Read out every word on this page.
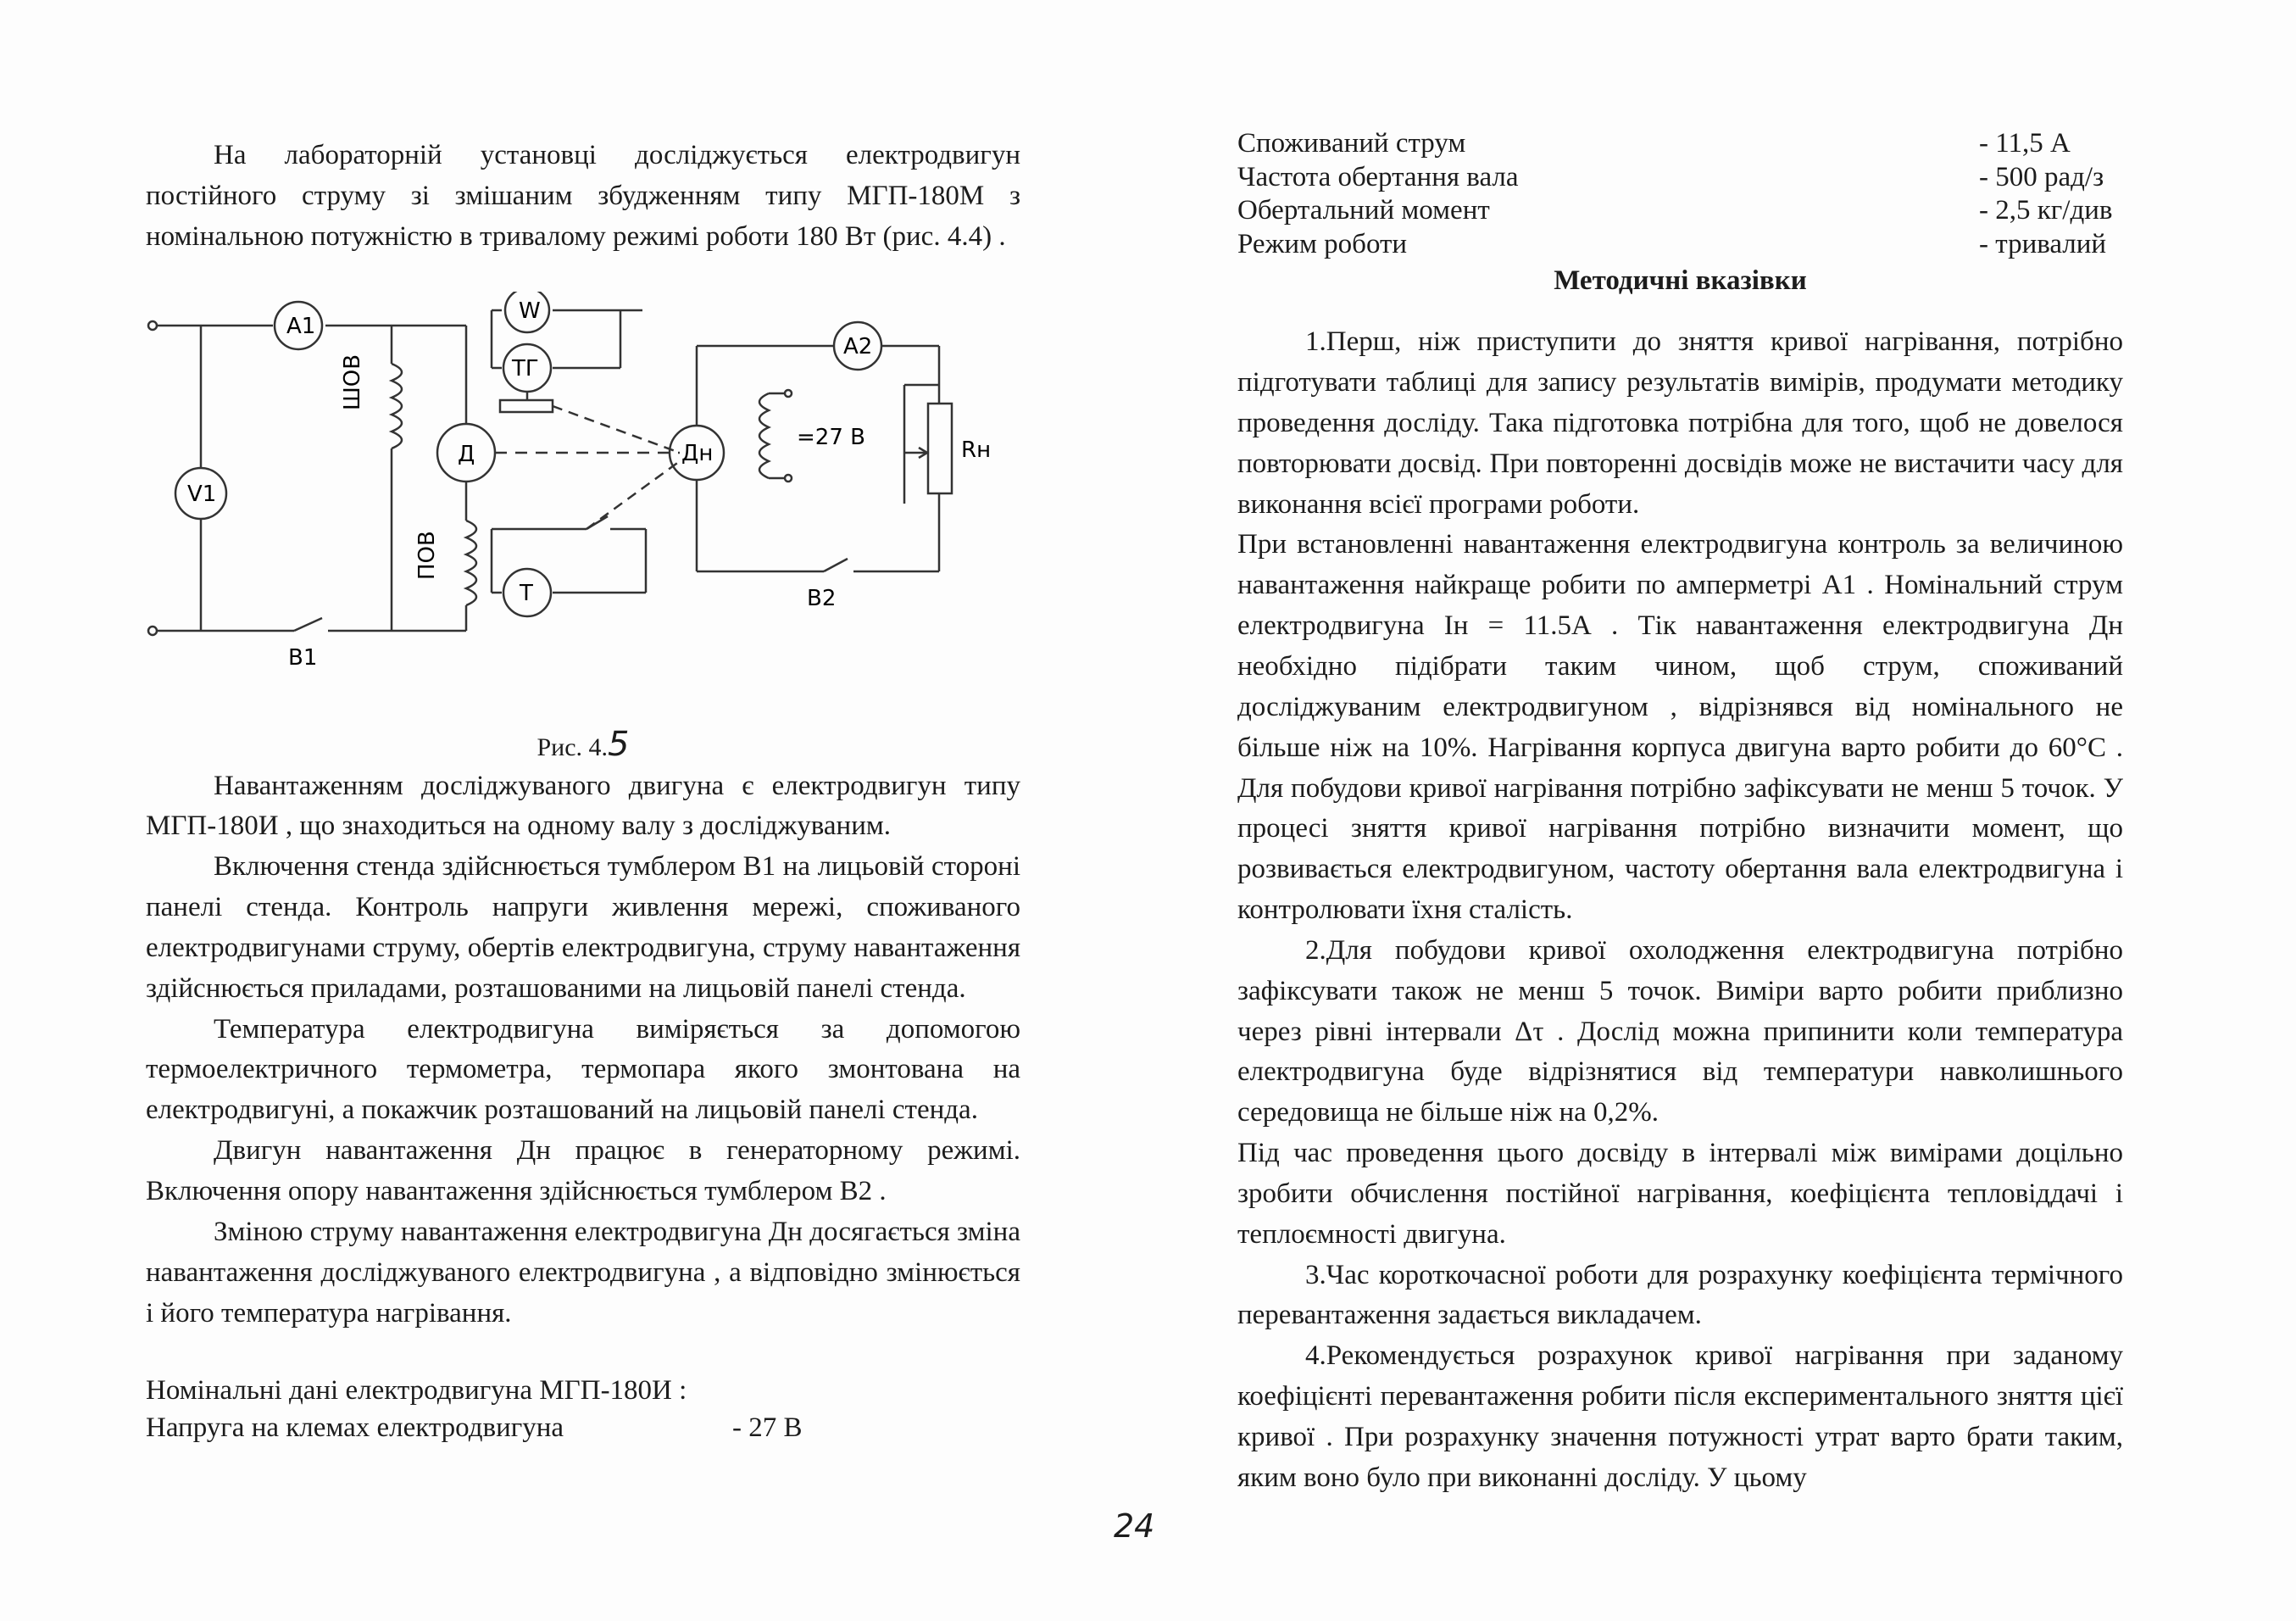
На лабораторній установці досліджується електродвигун постійного струму зі змішаним збудженням типу МГП-180М з номінальною потужністю в тривалому режимі роботи 180 Вт (рис. 4.4) .

A1
V1
ШОВ
ПОВ
Д
W
ТГ
Т
Дн
A2
=27 В	Rн
В1
В2

Рис. 4.5

Навантаженням досліджуваного двигуна є електродвигун типу МГП-180И , що знаходиться на одному валу з досліджуваним.

Включення стенда здійснюється тумблером В1 на лицьовій стороні панелі стенда. Контроль напруги живлення мережі, споживаного електродвигунами струму, обертів електродвигуна, струму навантаження здійснюється приладами, розташованими на лицьовій панелі стенда.

Температура електродвигуна виміряється за допомогою термоелектричного термометра, термопара якого змонтована на електродвигуні, а покажчик розташований на лицьовій панелі стенда.

Двигун навантаження Дн працює в генераторному режимі. Включення опору навантаження здійснюється тумблером В2 .

Зміною струму навантаження електродвигуна Дн досягається зміна навантаження досліджуваного електродвигуна , а відповідно змінюється і його температура нагрівання.

Номінальні дані електродвигуна МГП-180И :
Напруга на клемах електродвигуна	- 27 В
Споживаний струм	- 11,5 А
Частота обертання вала	- 500 рад/з
Обертальний момент	- 2,5 кг/див
Режим роботи	- тривалий
Методичні вказівки

1.Перш, ніж приступити до зняття кривої нагрівання, потрібно підготувати таблиці для запису результатів вимірів, продумати методику проведення досліду. Така підготовка потрібна для того, щоб не довелося повторювати досвід. При повторенні досвідів може не вистачити часу для виконання всієї програми роботи.

При встановленні навантаження електродвигуна контроль за величиною навантаження найкраще робити по амперметрі А1 . Номінальний струм електродвигуна Iн = 11.5А . Тік навантаження електродвигуна Дн необхідно підібрати таким чином, щоб струм, споживаний досліджуваним електродвигуном , відрізнявся від номінального не більше ніж на 10%. Нагрівання корпуса двигуна варто робити до 60°С . Для побудови кривої нагрівання потрібно зафіксувати не менш 5 точок. У процесі зняття кривої нагрівання потрібно визначити момент, що розвивається електродвигуном, частоту обертання вала електродвигуна і контролювати їхня сталість.

2.Для побудови кривої охолодження електродвигуна потрібно зафіксувати також не менш 5 точок. Виміри варто робити приблизно через рівні інтервали Δτ . Дослід можна припинити коли температура електродвигуна буде відрізнятися від температури навколишнього середовища не більше ніж на 0,2%.

Під час проведення цього досвіду в інтервалі між вимірами доцільно зробити обчислення постійної нагрівання, коефіцієнта тепловіддачі і теплоємності двигуна.

3.Час короткочасної роботи для розрахунку коефіцієнта термічного перевантаження задається викладачем.

4.Рекомендується розрахунок кривої нагрівання при заданому коефіцієнті перевантаження робити після експериментального зняття цієї кривої . При розрахунку значення потужності утрат варто брати таким, яким воно було при виконанні досліду. У цьому

24
